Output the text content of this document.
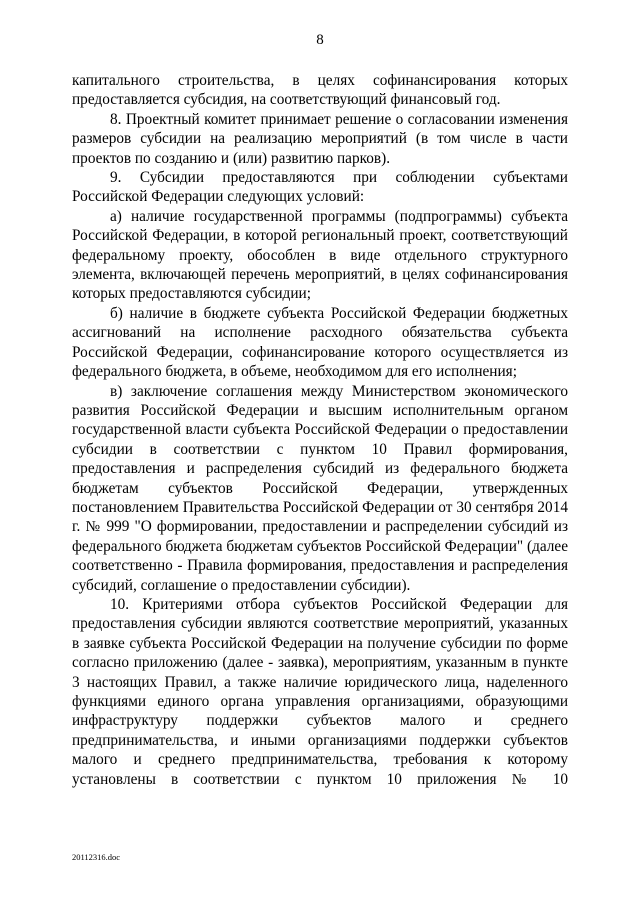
8

капитального строительства, в целях софинансирования которых предоставляется субсидия, на соответствующий финансовый год.

8. Проектный комитет принимает решение о согласовании изменения размеров субсидии на реализацию мероприятий (в том числе в части проектов по созданию и (или) развитию парков).

9. Субсидии предоставляются при соблюдении субъектами Российской Федерации следующих условий:

а) наличие государственной программы (подпрограммы) субъекта Российской Федерации, в которой региональный проект, соответствующий федеральному проекту, обособлен в виде отдельного структурного элемента, включающей перечень мероприятий, в целях софинансирования которых предоставляются субсидии;

б) наличие в бюджете субъекта Российской Федерации бюджетных ассигнований на исполнение расходного обязательства субъекта Российской Федерации, софинансирование которого осуществляется из федерального бюджета, в объеме, необходимом для его исполнения;

в) заключение соглашения между Министерством экономического развития Российской Федерации и высшим исполнительным органом государственной власти субъекта Российской Федерации о предоставлении субсидии в соответствии с пунктом 10 Правил формирования, предоставления и распределения субсидий из федерального бюджета бюджетам субъектов Российской Федерации, утвержденных постановлением Правительства Российской Федерации от 30 сентября 2014 г. № 999 "О формировании, предоставлении и распределении субсидий из федерального бюджета бюджетам субъектов Российской Федерации" (далее соответственно - Правила формирования, предоставления и распределения субсидий, соглашение о предоставлении субсидии).

10. Критериями отбора субъектов Российской Федерации для предоставления субсидии являются соответствие мероприятий, указанных в заявке субъекта Российской Федерации на получение субсидии по форме согласно приложению (далее - заявка), мероприятиям, указанным в пункте 3 настоящих Правил, а также наличие юридического лица, наделенного функциями единого органа управления организациями, образующими инфраструктуру поддержки субъектов малого и среднего предпринимательства, и иными организациями поддержки субъектов малого и среднего предпринимательства, требования к которому установлены в соответствии с пунктом 10 приложения № 10

20112316.doc
